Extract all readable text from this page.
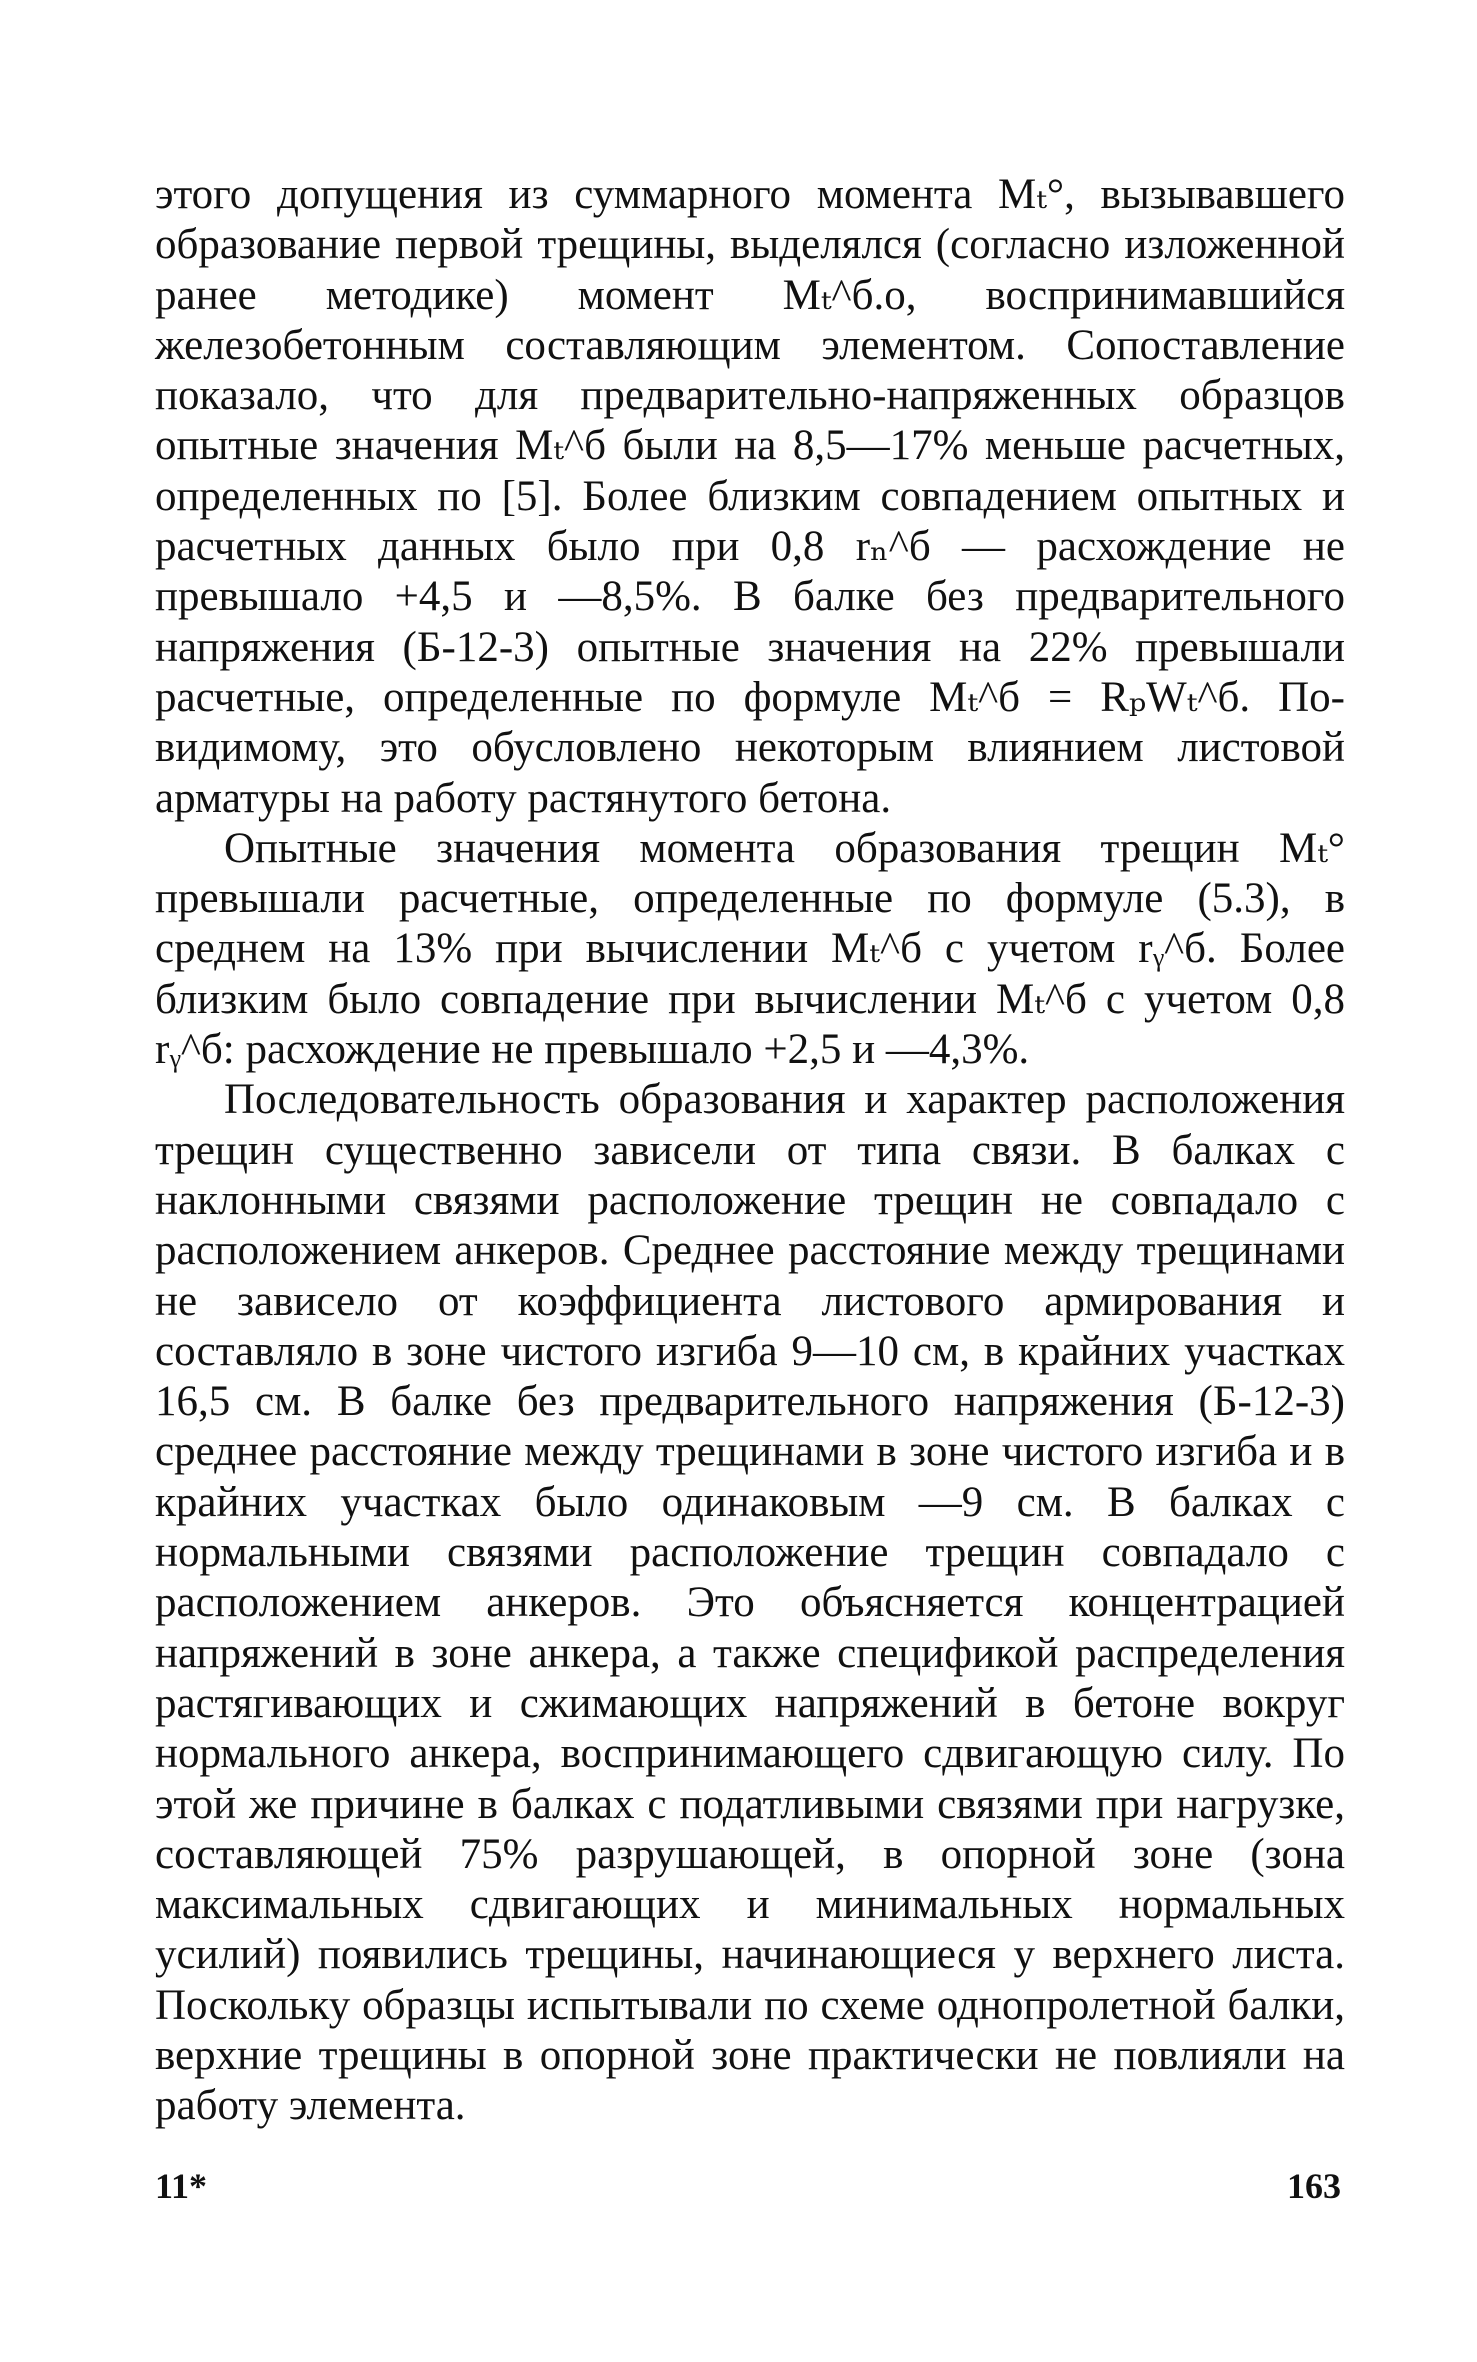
этого допущения из суммарного момента Мₜ°, вызывавшего образование первой трещины, выделялся (согласно изложенной ранее методике) момент Мₜ^б.о, воспринимавшийся железобетонным составляющим элементом. Сопоставление показало, что для предварительно-напряженных образцов опытные значения Мₜ^б были на 8,5—17% меньше расчетных, определенных по [5]. Более близким совпадением опытных и расчетных данных было при 0,8 rₙ^б — расхождение не превышало +4,5 и —8,5%. В балке без предварительного напряжения (Б-12-3) опытные значения на 22% превышали расчетные, определенные по формуле Мₜ^б = RₚWₜ^б. По-видимому, это обусловлено некоторым влиянием листовой арматуры на работу растянутого бетона.

Опытные значения момента образования трещин Мₜ° превышали расчетные, определенные по формуле (5.3), в среднем на 13% при вычислении Мₜ^б с учетом rᵧ^б. Более близким было совпадение при вычислении Мₜ^б с учетом 0,8 rᵧ^б: расхождение не превышало +2,5 и —4,3%.

Последовательность образования и характер расположения трещин существенно зависели от типа связи. В балках с наклонными связями расположение трещин не совпадало с расположением анкеров. Среднее расстояние между трещинами не зависело от коэффициента листового армирования и составляло в зоне чистого изгиба 9—10 см, в крайних участках 16,5 см. В балке без предварительного напряжения (Б-12-3) среднее расстояние между трещинами в зоне чистого изгиба и в крайних участках было одинаковым —9 см. В балках с нормальными связями расположение трещин совпадало с расположением анкеров. Это объясняется концентрацией напряжений в зоне анкера, а также спецификой распределения растягивающих и сжимающих напряжений в бетоне вокруг нормального анкера, воспринимающего сдвигающую силу. По этой же причине в балках с податливыми связями при нагрузке, составляющей 75% разрушающей, в опорной зоне (зона максимальных сдвигающих и минимальных нормальных усилий) появились трещины, начинающиеся у верхнего листа. Поскольку образцы испытывали по схеме однопролетной балки, верхние трещины в опорной зоне практически не повлияли на работу элемента.

11*	163
